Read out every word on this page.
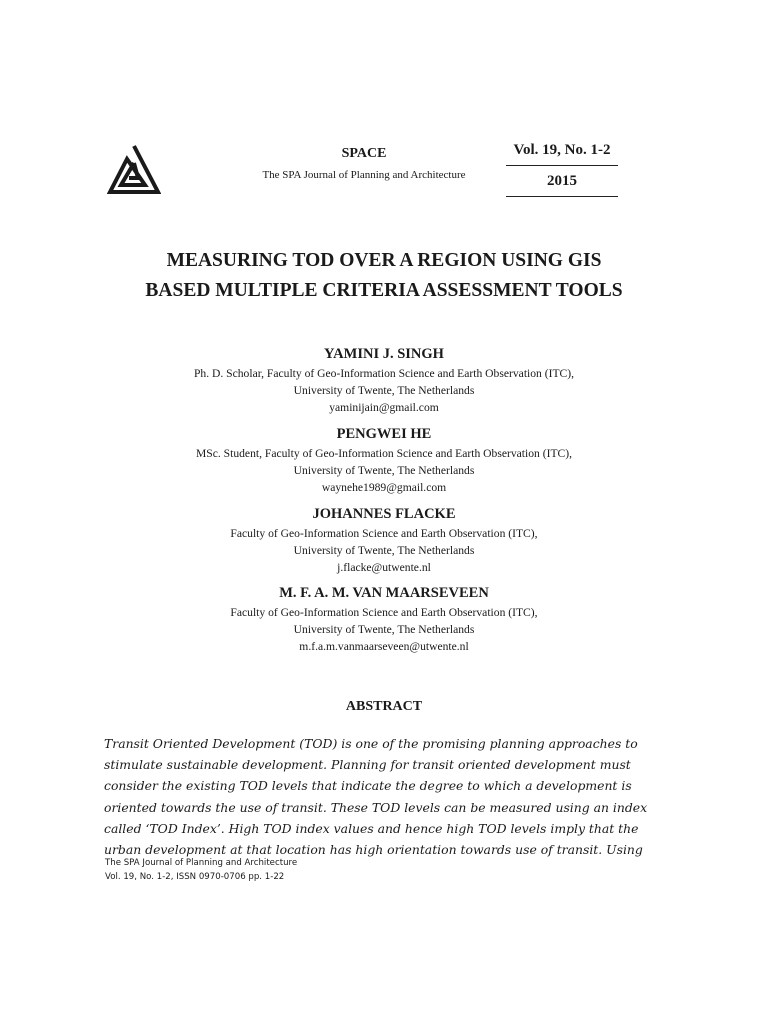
SPACE
The SPA Journal of Planning and Architecture
Vol. 19, No. 1-2
2015
MEASURING TOD OVER A REGION USING GIS
BASED MULTIPLE CRITERIA ASSESSMENT TOOLS
YAMINI J. SINGH
Ph. D. Scholar, Faculty of Geo-Information Science and Earth Observation (ITC),
University of Twente, The Netherlands
yaminijain@gmail.com
PENGWEI HE
MSc. Student, Faculty of Geo-Information Science and Earth Observation (ITC),
University of Twente, The Netherlands
waynehe1989@gmail.com
JOHANNES FLACKE
Faculty of Geo-Information Science and Earth Observation (ITC),
University of Twente, The Netherlands
j.flacke@utwente.nl
M. F. A. M. VAN MAARSEVEEN
Faculty of Geo-Information Science and Earth Observation (ITC),
University of Twente, The Netherlands
m.f.a.m.vanmaarseveen@utwente.nl
ABSTRACT
Transit Oriented Development (TOD) is one of the promising planning approaches to
stimulate sustainable development. Planning for transit oriented development must
consider the existing TOD levels that indicate the degree to which a development is
oriented towards the use of transit. These TOD levels can be measured using an index
called ‘TOD Index’. High TOD index values and hence high TOD levels imply that the
urban development at that location has high orientation towards use of transit. Using
The SPA Journal of Planning and Architecture
Vol. 19, No. 1-2, ISSN 0970-0706 pp. 1-22
